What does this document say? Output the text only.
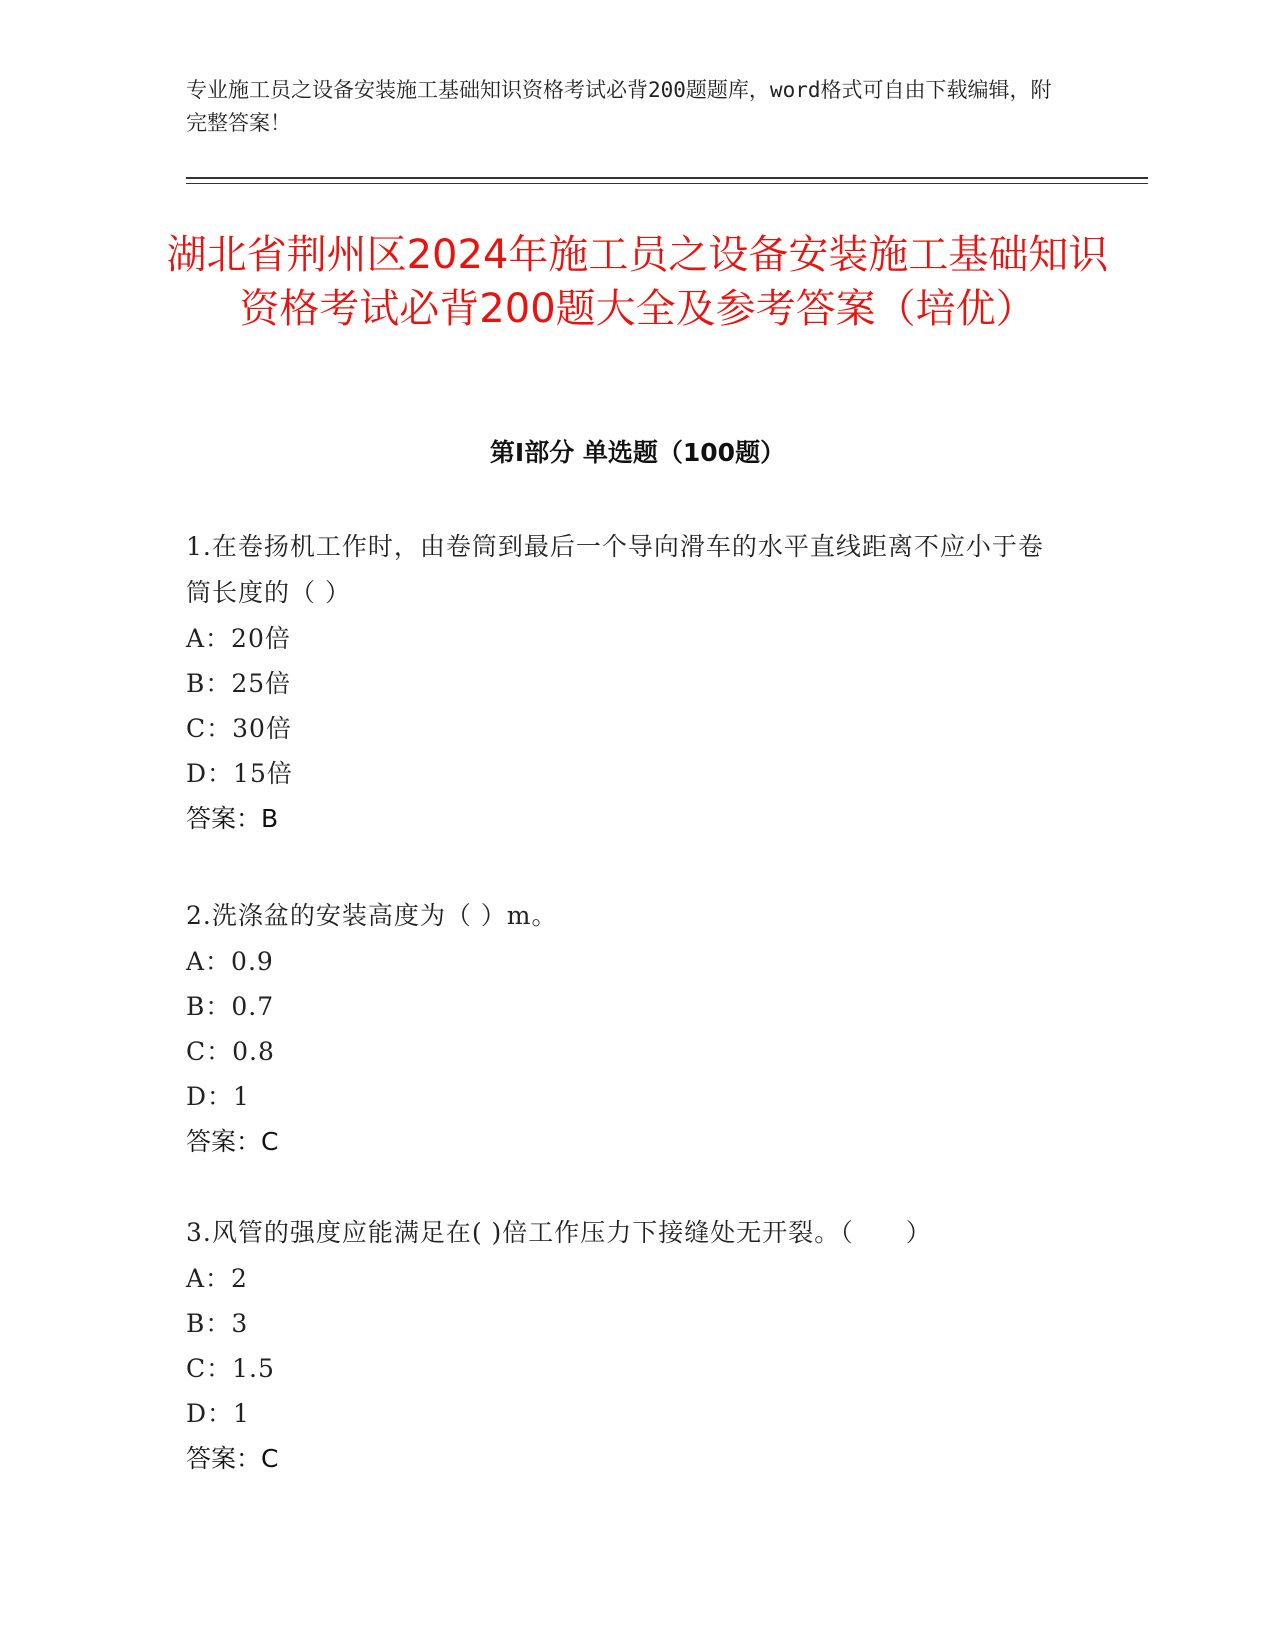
专业施工员之设备安装施工基础知识资格考试必背200题题库，word格式可自由下载编辑，附完整答案！
湖北省荆州区2024年施工员之设备安装施工基础知识资格考试必背200题大全及参考答案（培优）
第Ⅰ部分 单选题（100题）

1.在卷扬机工作时，由卷筒到最后一个导向滑车的水平直线距离不应小于卷筒长度的（ ）

A：20倍
B：25倍
C：30倍
D：15倍
答案：B

2.洗涤盆的安装高度为（ ）m。

A：0.9
B：0.7
C：0.8
D：1
答案：C

3.风管的强度应能满足在( )倍工作压力下接缝处无开裂。（　　）

A：2
B：3
C：1.5
D：1
答案：C
